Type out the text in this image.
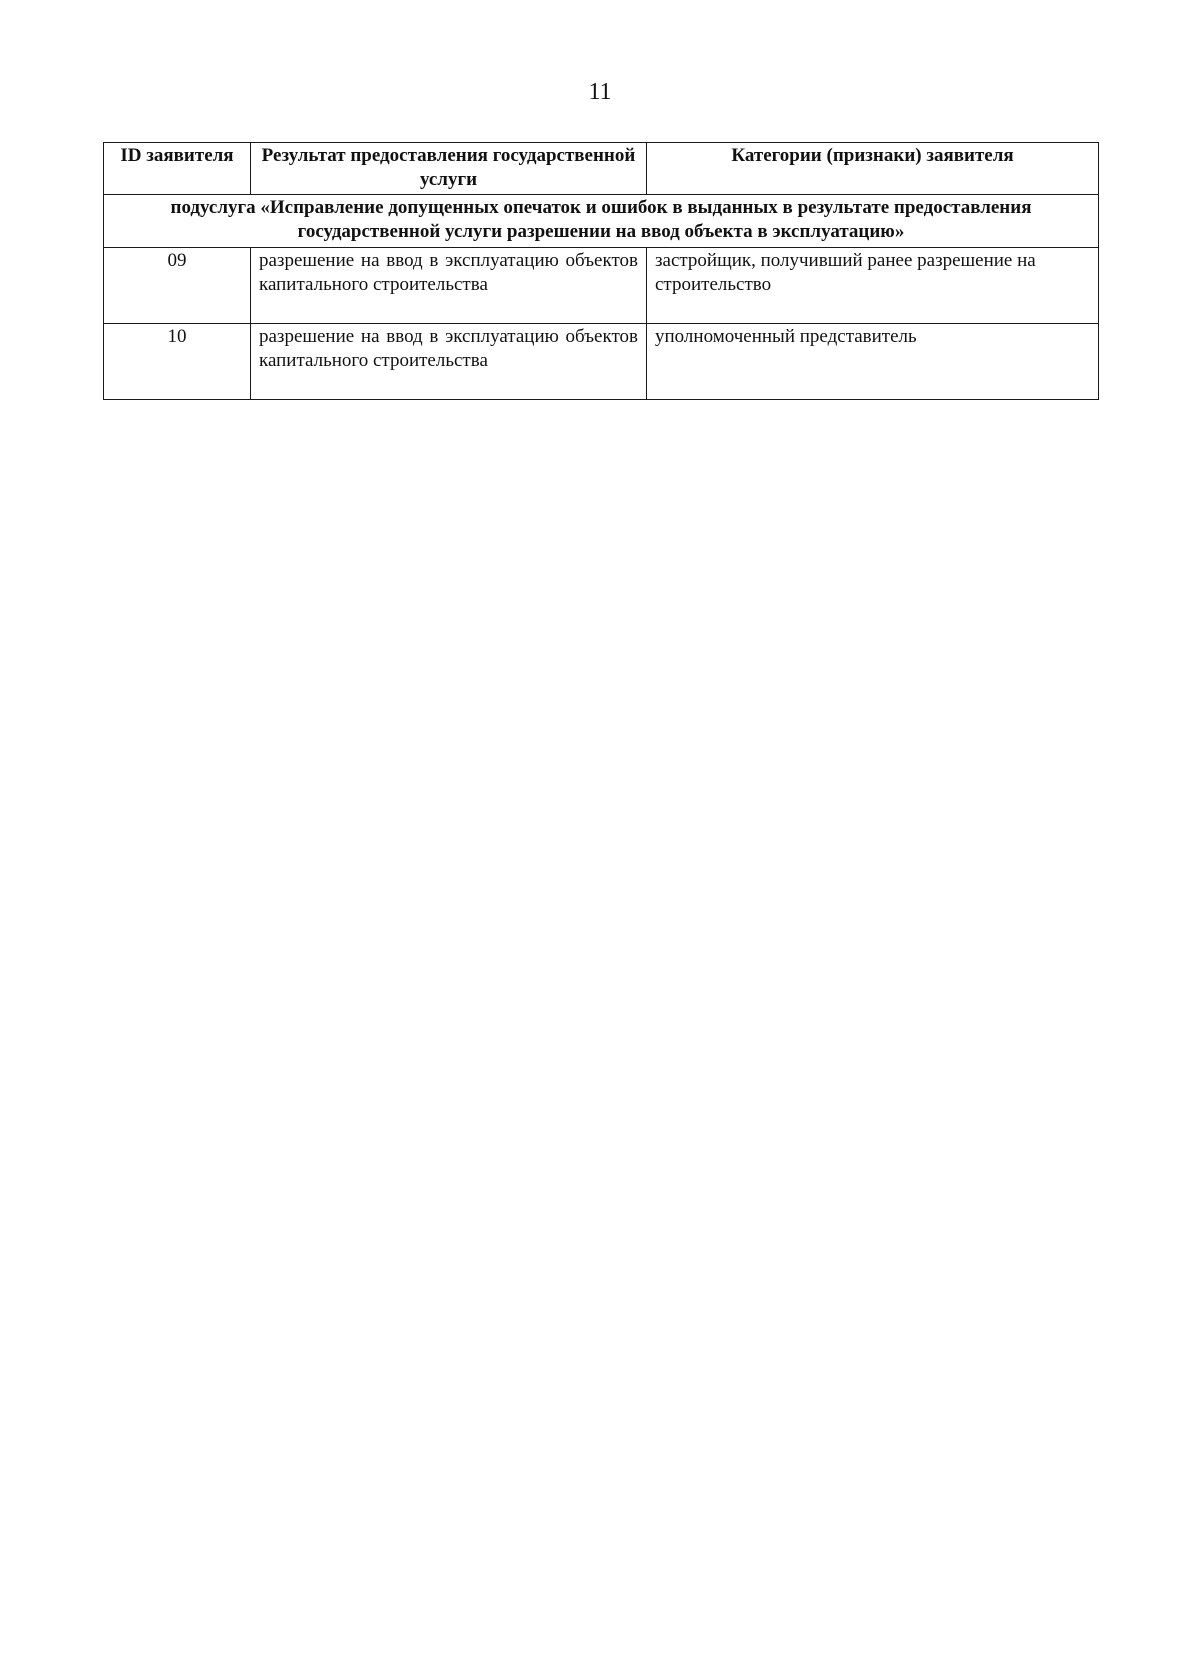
11
ID заявителя	Результат предоставления государственной услуги	Категории (признаки) заявителя
подуслуга «Исправление допущенных опечаток и ошибок в выданных в результате предоставления государственной услуги разрешении на ввод объекта в эксплуатацию»		
09	разрешение на ввод в эксплуатацию объектов капитального строительства	застройщик, получивший ранее разрешение на строительство
10	разрешение на ввод в эксплуатацию объектов капитального строительства	уполномоченный представитель
